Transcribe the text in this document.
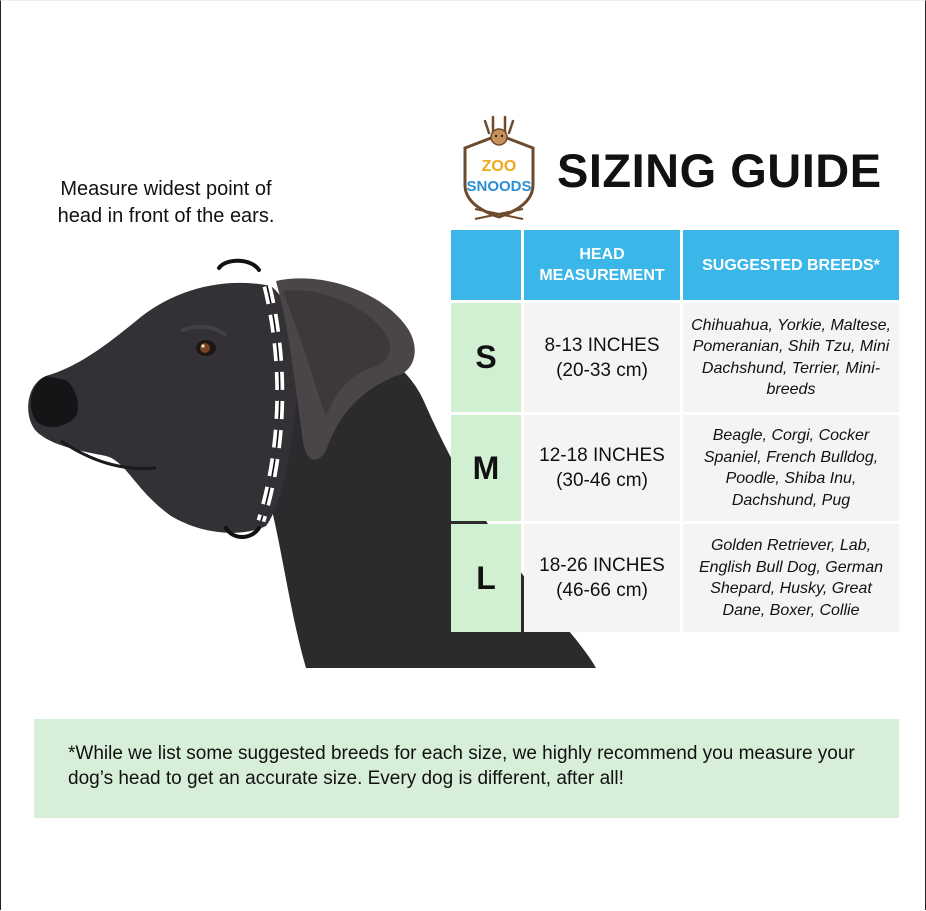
Measure widest point of
head in front of the ears.
ZOO
SNOODS SIZING GUIDE
HEAD MEASUREMENT
SUGGESTED BREEDS*
S	8-13 INCHES
(20-33 cm)
Chihuahua, Yorkie, Maltese, Pomeranian, Shih Tzu, Mini Dachshund, Terrier, Mini-breeds
M	12-18 INCHES
(30-46 cm)
Beagle, Corgi, Cocker Spaniel, French Bulldog, Poodle, Shiba Inu, Dachshund, Pug
L	18-26 INCHES
(46-66 cm)
Golden Retriever, Lab, English Bull Dog, German Shepard, Husky, Great Dane, Boxer, Collie
*While we list some suggested breeds for each size, we highly recommend you measure your dog’s head to get an accurate size. Every dog is different, after all!
